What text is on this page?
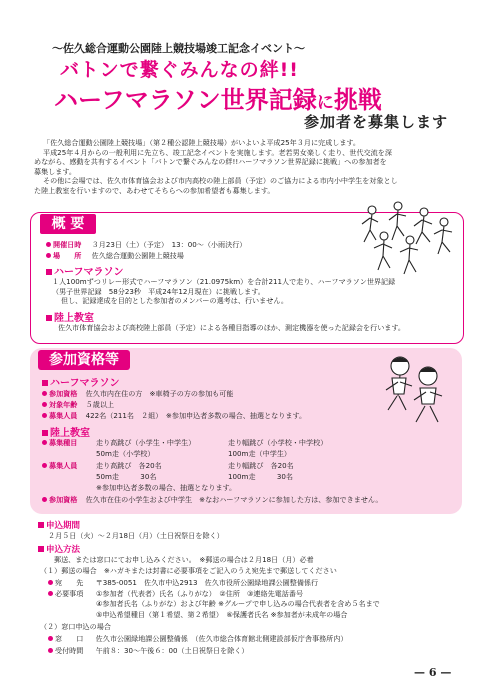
〜佐久総合運動公園陸上競技場竣工記念イベント〜
バトンで繋ぐみんなの絆!!
ハーフマラソン世界記録に挑戦
参加者を募集します
「佐久総合運動公園陸上競技場」（第２種公認陸上競技場）がいよいよ平成25年３月に完成します。
平成25年４月からの一般利用に先立ち、竣工記念イベントを実施します。老若男女楽しく走り、世代交流を深
めながら、感動を共有するイベント「バトンで繋ぐみんなの絆!!ハーフマラソン世界記録に挑戦」への参加者を
募集します。
その他に会場では、佐久市体育協会および市内高校の陸上部員（予定）のご協力による市内小中学生を対象とし
た陸上教室を行いますので、あわせてそちらへの参加希望者も募集します。
概 要
開催日時 ３月23日（土）（予定）　13：00〜（小雨決行）
場　　所 佐久総合運動公園陸上競技場
ハーフマラソン
１人100mずつリレー形式でハーフマラソン（21.0975km）を合計211人で走り、ハーフマラソン世界記録
（男子世界記録　58分23秒　平成24年12月現在）に挑戦します。
但し、記録達成を目的とした参加者のメンバーの選考は、行いません。
陸上教室
佐久市体育協会および高校陸上部員（予定）による各種目指導のほか、測定機器を使った記録会を行います。
参加資格等
ハーフマラソン
参加資格 佐久市内在住の方　※車椅子の方の参加も可能
対象年齢 ５歳以上
募集人員 422名（211名　２組）　※参加申込者多数の場合、抽選となります。
陸上教室
募集種目	走り高跳び（小学生・中学生）	走り幅跳び（小学校・中学校）
50m走（小学校）	100m走（中学生）
募集人員	走り高跳び　各20名	走り幅跳び　各20名
50m走　　　30名	100m走　　　30名
※参加申込者多数の場合、抽選となります。
参加資格 佐久市在住の小学生および中学生　※なおハーフマラソンに参加した方は、参加できません。
申込期間
２月５日（火）〜２月18日（月）（土日祝祭日を除く）
申込方法
郵送、または窓口にてお申し込みください。　※郵送の場合は２月18日（月）必着
（１）郵送の場合　※ハガキまたは封書に必要事項をご記入のうえ宛先まで郵送してください
宛　　先 〒385-0051　佐久市中込2913　佐久市役所公園緑地課公園整備係行
必要事項 ①参加者（代表者）氏名（ふりがな）　②住所　③連絡先電話番号
④参加者氏名（ふりがな）および年齢 ※グループで申し込みの場合代表者を含め５名まで
⑤申込希望種目（第１希望、第２希望）　⑥保護者氏名 ※参加者が未成年の場合
（２）窓口申込の場合
窓　　口 佐久市公園緑地課公園整備係　（佐久市総合体育館北側建設部仮庁舎事務所内）
受付時間 午前８：30〜午後６：00（土日祝祭日を除く）
— 6 —
